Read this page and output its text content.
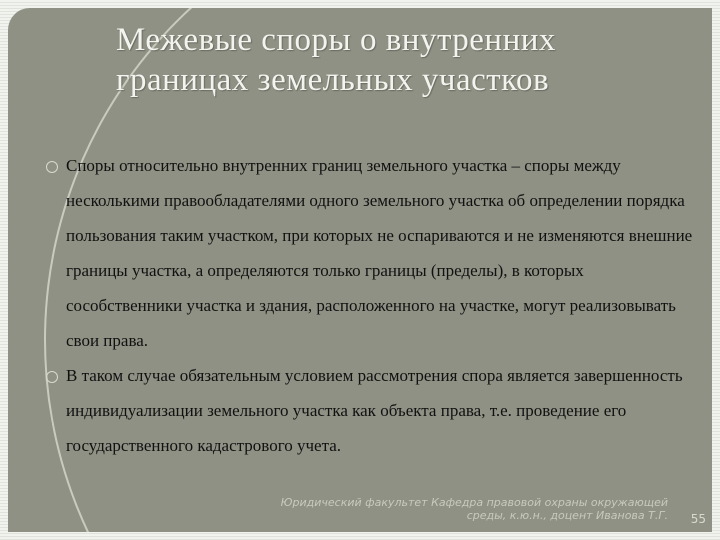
Межевые споры о внутренних
границах земельных участков
Споры относительно внутренних границ земельного участка – споры между несколькими правообладателями одного земельного участка об определении порядка пользования таким участком, при которых не оспариваются и не изменяются внешние границы участка, а определяются только границы (пределы), в которых сособственники участка и здания, расположенного на участке, могут реализовывать свои права.
В таком случае обязательным условием рассмотрения спора является завершенность индивидуализации земельного участка как объекта права, т.е. проведение его государственного кадастрового учета.
Юридический факультет Кафедра правовой охраны окружающей
среды, к.ю.н., доцент Иванова Т.Г. 55
